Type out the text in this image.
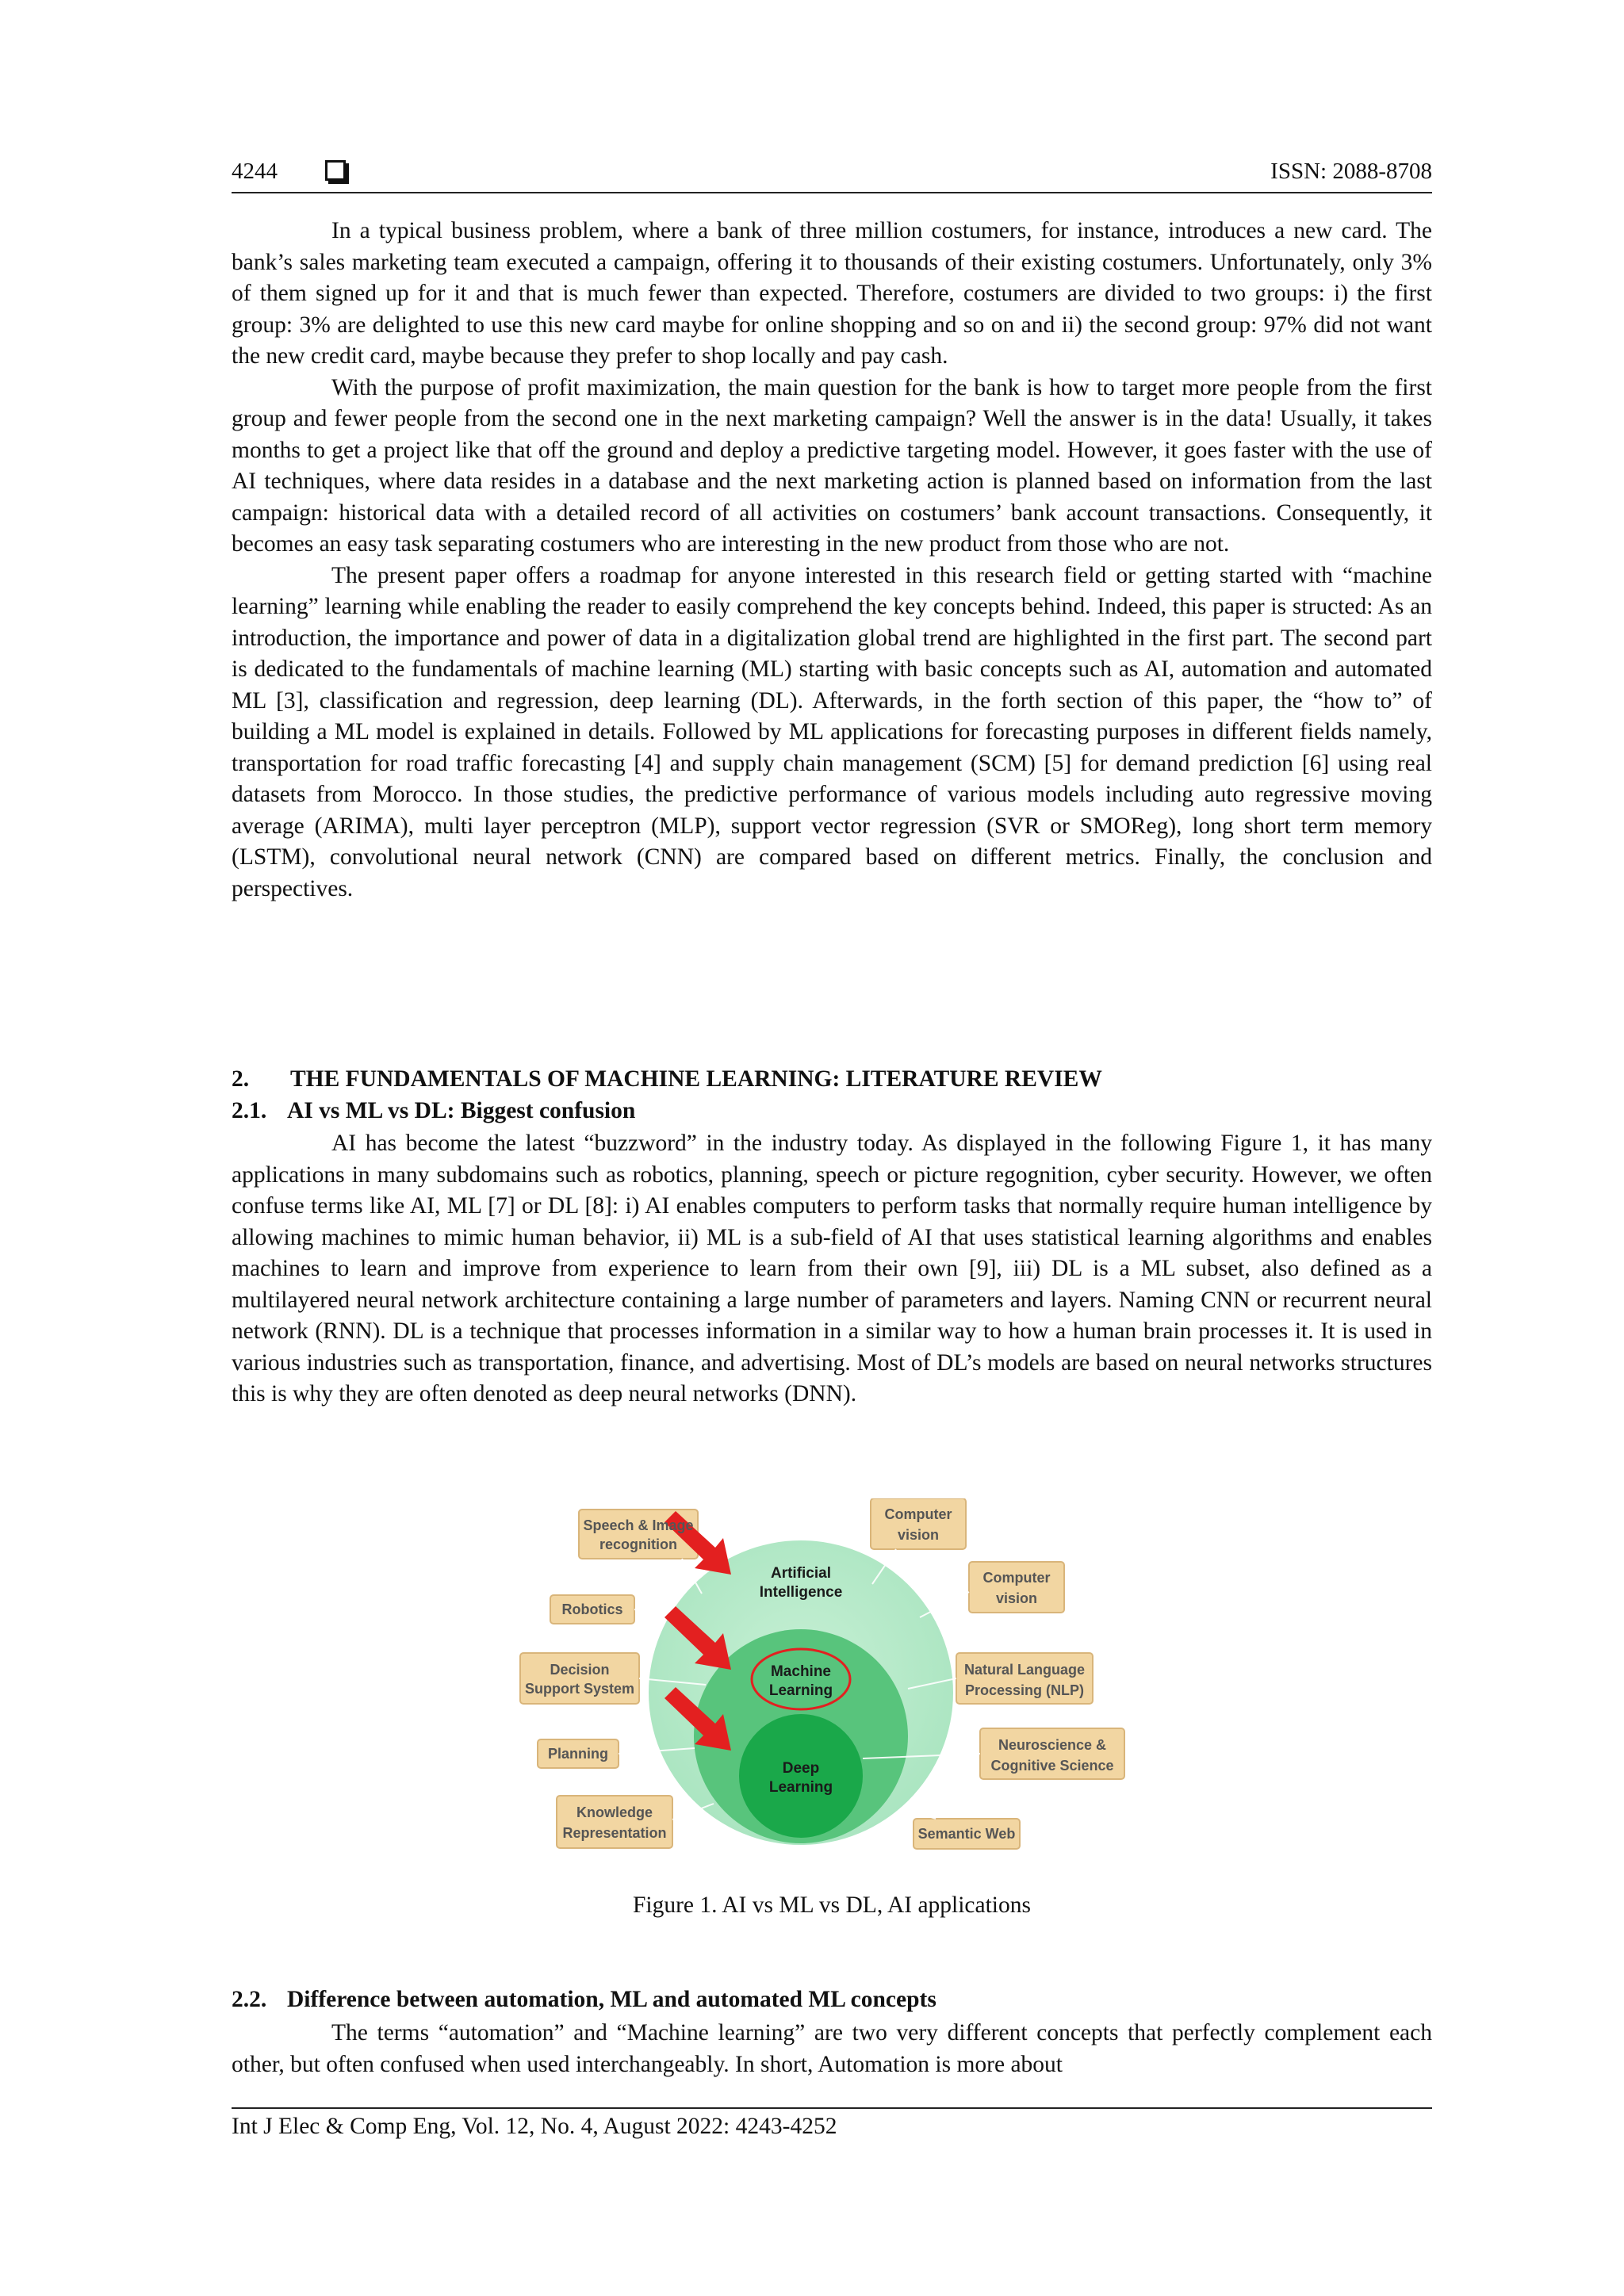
4244	ISSN: 2088-8708

In a typical business problem, where a bank of three million costumers, for instance, introduces a new card. The bank’s sales marketing team executed a campaign, offering it to thousands of their existing costumers. Unfortunately, only 3% of them signed up for it and that is much fewer than expected. Therefore, costumers are divided to two groups: i) the first group: 3% are delighted to use this new card maybe for online shopping and so on and ii) the second group: 97% did not want the new credit card, maybe because they prefer to shop locally and pay cash.

With the purpose of profit maximization, the main question for the bank is how to target more people from the first group and fewer people from the second one in the next marketing campaign? Well the answer is in the data! Usually, it takes months to get a project like that off the ground and deploy a predictive targeting model. However, it goes faster with the use of AI techniques, where data resides in a database and the next marketing action is planned based on information from the last campaign: historical data with a detailed record of all activities on costumers’ bank account transactions. Consequently, it becomes an easy task separating costumers who are interesting in the new product from those who are not.

The present paper offers a roadmap for anyone interested in this research field or getting started with “machine learning” learning while enabling the reader to easily comprehend the key concepts behind. Indeed, this paper is structed: As an introduction, the importance and power of data in a digitalization global trend are highlighted in the first part. The second part is dedicated to the fundamentals of machine learning (ML) starting with basic concepts such as AI, automation and automated ML [3], classification and regression, deep learning (DL). Afterwards, in the forth section of this paper, the “how to” of building a ML model is explained in details. Followed by ML applications for forecasting purposes in different fields namely, transportation for road traffic forecasting [4] and supply chain management (SCM) [5] for demand prediction [6] using real datasets from Morocco. In those studies, the predictive performance of various models including auto regressive moving average (ARIMA), multi layer perceptron (MLP), support vector regression (SVR or SMOReg), long short term memory (LSTM), convolutional neural network (CNN) are compared based on different metrics. Finally, the conclusion and perspectives.

2. THE FUNDAMENTALS OF MACHINE LEARNING: LITERATURE REVIEW
2.1. AI vs ML vs DL: Biggest confusion

AI has become the latest “buzzword” in the industry today. As displayed in the following Figure 1, it has many applications in many subdomains such as robotics, planning, speech or picture regognition, cyber security. However, we often confuse terms like AI, ML [7] or DL [8]: i) AI enables computers to perform tasks that normally require human intelligence by allowing machines to mimic human behavior, ii) ML is a sub-field of AI that uses statistical learning algorithms and enables machines to learn and improve from experience to learn from their own [9], iii) DL is a ML subset, also defined as a multilayered neural network architecture containing a large number of parameters and layers. Naming CNN or recurrent neural network (RNN). DL is a technique that processes information in a similar way to how a human brain processes it. It is used in various industries such as transportation, finance, and advertising. Most of DL’s models are based on neural networks structures this is why they are often denoted as deep neural networks (DNN).

Speech & Image
recognition
Robotics
Decision
Support System
Planning
Knowledge
Representation
Computer
vision
Computer
vision
Natural Language
Processing (NLP)
Neuroscience &
Cognitive Science
Semantic Web
Artificial
Intelligence
Machine
Learning
Deep
Learning
Figure 1. AI vs ML vs DL, AI applications
2.2. Difference between automation, ML and automated ML concepts

The terms “automation” and “Machine learning” are two very different concepts that perfectly complement each other, but often confused when used interchangeably. In short, Automation is more about

Int J Elec & Comp Eng, Vol. 12, No. 4, August 2022: 4243-4252
